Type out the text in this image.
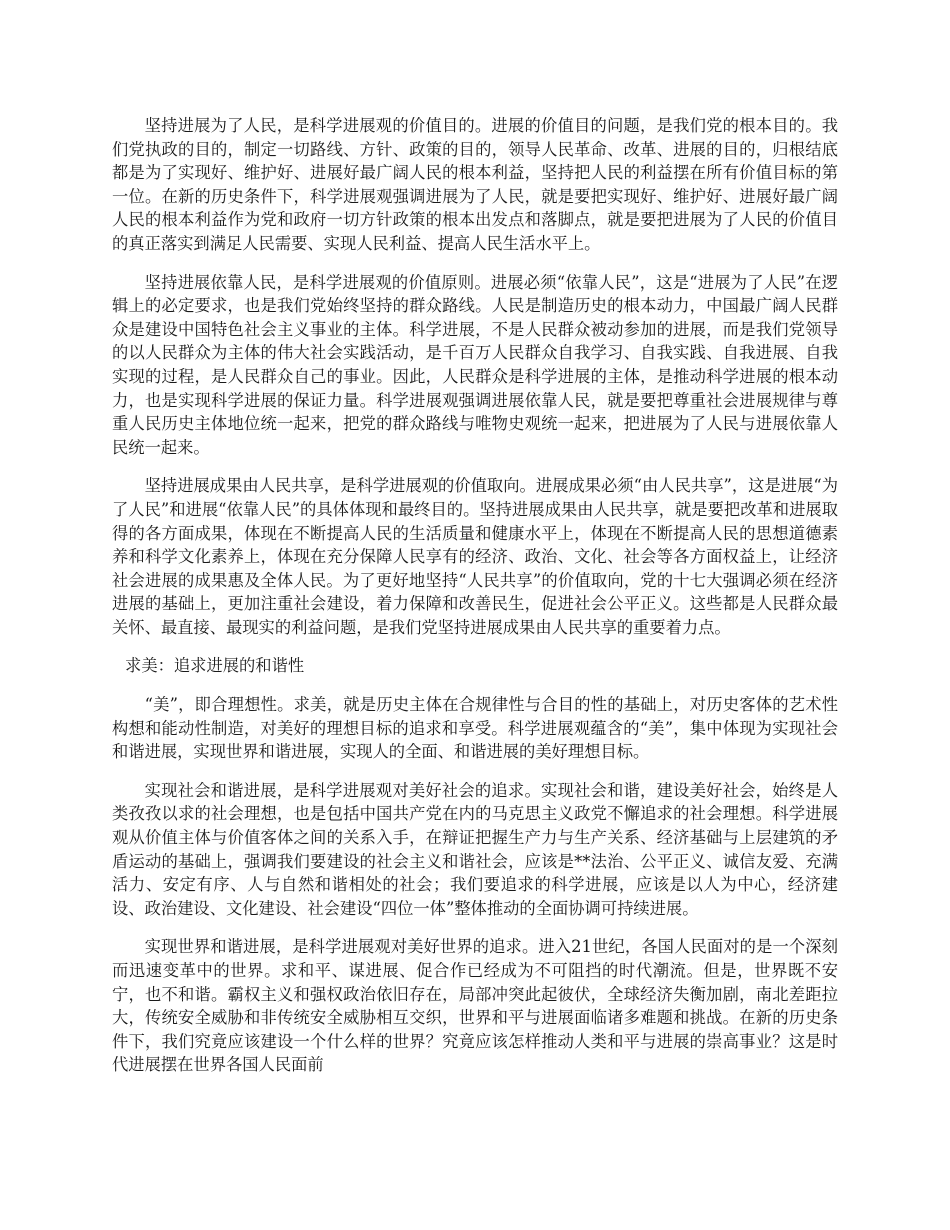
坚持进展为了人民，是科学进展观的价值目的。进展的价值目的问题，是我们党的根本目的。我们党执政的目的，制定一切路线、方针、政策的目的，领导人民革命、改革、进展的目的，归根结底都是为了实现好、维护好、进展好最广阔人民的根本利益，坚持把人民的利益摆在所有价值目标的第一位。在新的历史条件下，科学进展观强调进展为了人民，就是要把实现好、维护好、进展好最广阔人民的根本利益作为党和政府一切方针政策的根本出发点和落脚点，就是要把进展为了人民的价值目的真正落实到满足人民需要、实现人民利益、提高人民生活水平上。

坚持进展依靠人民，是科学进展观的价值原则。进展必须“依靠人民”，这是“进展为了人民”在逻辑上的必定要求，也是我们党始终坚持的群众路线。人民是制造历史的根本动力，中国最广阔人民群众是建设中国特色社会主义事业的主体。科学进展，不是人民群众被动参加的进展，而是我们党领导的以人民群众为主体的伟大社会实践活动，是千百万人民群众自我学习、自我实践、自我进展、自我实现的过程，是人民群众自己的事业。因此，人民群众是科学进展的主体，是推动科学进展的根本动力，也是实现科学进展的保证力量。科学进展观强调进展依靠人民，就是要把尊重社会进展规律与尊重人民历史主体地位统一起来，把党的群众路线与唯物史观统一起来，把进展为了人民与进展依靠人民统一起来。

坚持进展成果由人民共享，是科学进展观的价值取向。进展成果必须“由人民共享”，这是进展“为了人民”和进展“依靠人民”的具体体现和最终目的。坚持进展成果由人民共享，就是要把改革和进展取得的各方面成果，体现在不断提高人民的生活质量和健康水平上，体现在不断提高人民的思想道德素养和科学文化素养上，体现在充分保障人民享有的经济、政治、文化、社会等各方面权益上，让经济社会进展的成果惠及全体人民。为了更好地坚持“人民共享”的价值取向，党的十七大强调必须在经济进展的基础上，更加注重社会建设，着力保障和改善民生，促进社会公平正义。这些都是人民群众最关怀、最直接、最现实的利益问题，是我们党坚持进展成果由人民共享的重要着力点。

求美：追求进展的和谐性

“美”，即合理想性。求美，就是历史主体在合规律性与合目的性的基础上，对历史客体的艺术性构想和能动性制造，对美好的理想目标的追求和享受。科学进展观蕴含的“美”，集中体现为实现社会和谐进展，实现世界和谐进展，实现人的全面、和谐进展的美好理想目标。

实现社会和谐进展，是科学进展观对美好社会的追求。实现社会和谐，建设美好社会，始终是人类孜孜以求的社会理想，也是包括中国共产党在内的马克思主义政党不懈追求的社会理想。科学进展观从价值主体与价值客体之间的关系入手，在辩证把握生产力与生产关系、经济基础与上层建筑的矛盾运动的基础上，强调我们要建设的社会主义和谐社会，应该是**法治、公平正义、诚信友爱、充满活力、安定有序、人与自然和谐相处的社会；我们要追求的科学进展，应该是以人为中心，经济建设、政治建设、文化建设、社会建设“四位一体”整体推动的全面协调可持续进展。

实现世界和谐进展，是科学进展观对美好世界的追求。进入21世纪，各国人民面对的是一个深刻而迅速变革中的世界。求和平、谋进展、促合作已经成为不可阻挡的时代潮流。但是，世界既不安宁，也不和谐。霸权主义和强权政治依旧存在，局部冲突此起彼伏，全球经济失衡加剧，南北差距拉大，传统安全威胁和非传统安全威胁相互交织，世界和平与进展面临诸多难题和挑战。在新的历史条件下，我们究竟应该建设一个什么样的世界？究竟应该怎样推动人类和平与进展的崇高事业？这是时代进展摆在世界各国人民面前
